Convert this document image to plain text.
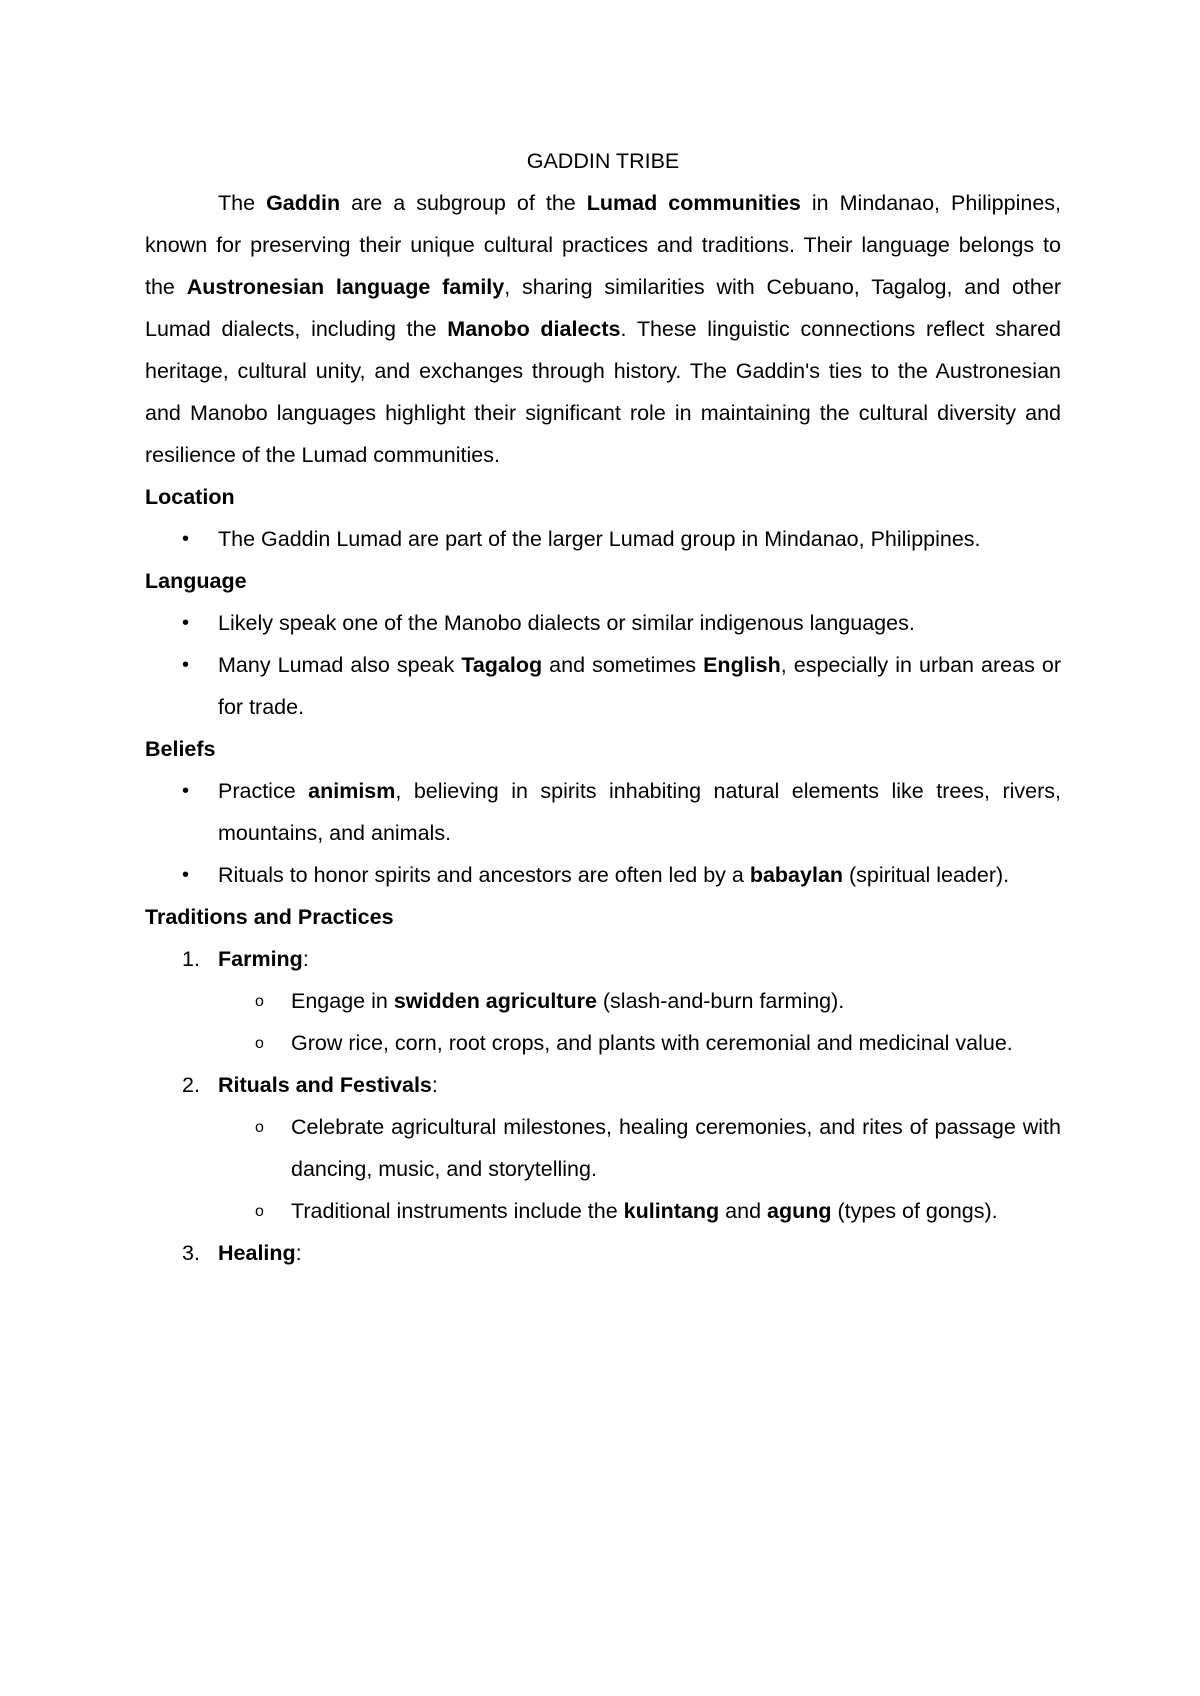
GADDIN TRIBE

The Gaddin are a subgroup of the Lumad communities in Mindanao, Philippines, known for preserving their unique cultural practices and traditions. Their language belongs to the Austronesian language family, sharing similarities with Cebuano, Tagalog, and other Lumad dialects, including the Manobo dialects. These linguistic connections reflect shared heritage, cultural unity, and exchanges through history. The Gaddin's ties to the Austronesian and Manobo languages highlight their significant role in maintaining the cultural diversity and resilience of the Lumad communities.

Location
• The Gaddin Lumad are part of the larger Lumad group in Mindanao, Philippines.
Language
• Likely speak one of the Manobo dialects or similar indigenous languages.
• Many Lumad also speak Tagalog and sometimes English, especially in urban areas or for trade.
Beliefs
• Practice animism, believing in spirits inhabiting natural elements like trees, rivers, mountains, and animals.
• Rituals to honor spirits and ancestors are often led by a babaylan (spiritual leader).
Traditions and Practices
1. Farming:
o Engage in swidden agriculture (slash-and-burn farming).
o Grow rice, corn, root crops, and plants with ceremonial and medicinal value.
2. Rituals and Festivals:
o Celebrate agricultural milestones, healing ceremonies, and rites of passage with dancing, music, and storytelling.
o Traditional instruments include the kulintang and agung (types of gongs).
3. Healing:
